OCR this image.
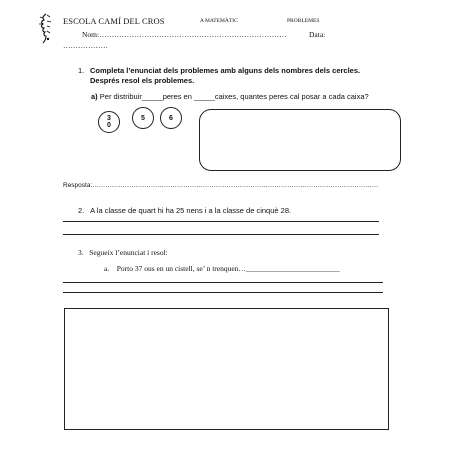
ESCOLA CAMÍ DEL CROS	A MATEMÀTIC	PROBLEMES
Nom:…………………………………………………………………	Data:
………………
1. Completa l’enunciat dels problemes amb alguns dels nombres dels cercles. Després resol els problemes.
a) Per distribuir_____peres en _____caixes, quantes peres cal posar a cada caixa?
3
0
5	6
Resposta:……………………………………………………………………………………………………………………
2. A la classe de quart hi ha 25 nens i a la classe de cinquè 28.
3. Segueix l’enunciat i resol:
a. Porto 37 ous en un cistell, se’ n trenquen…_________________________
